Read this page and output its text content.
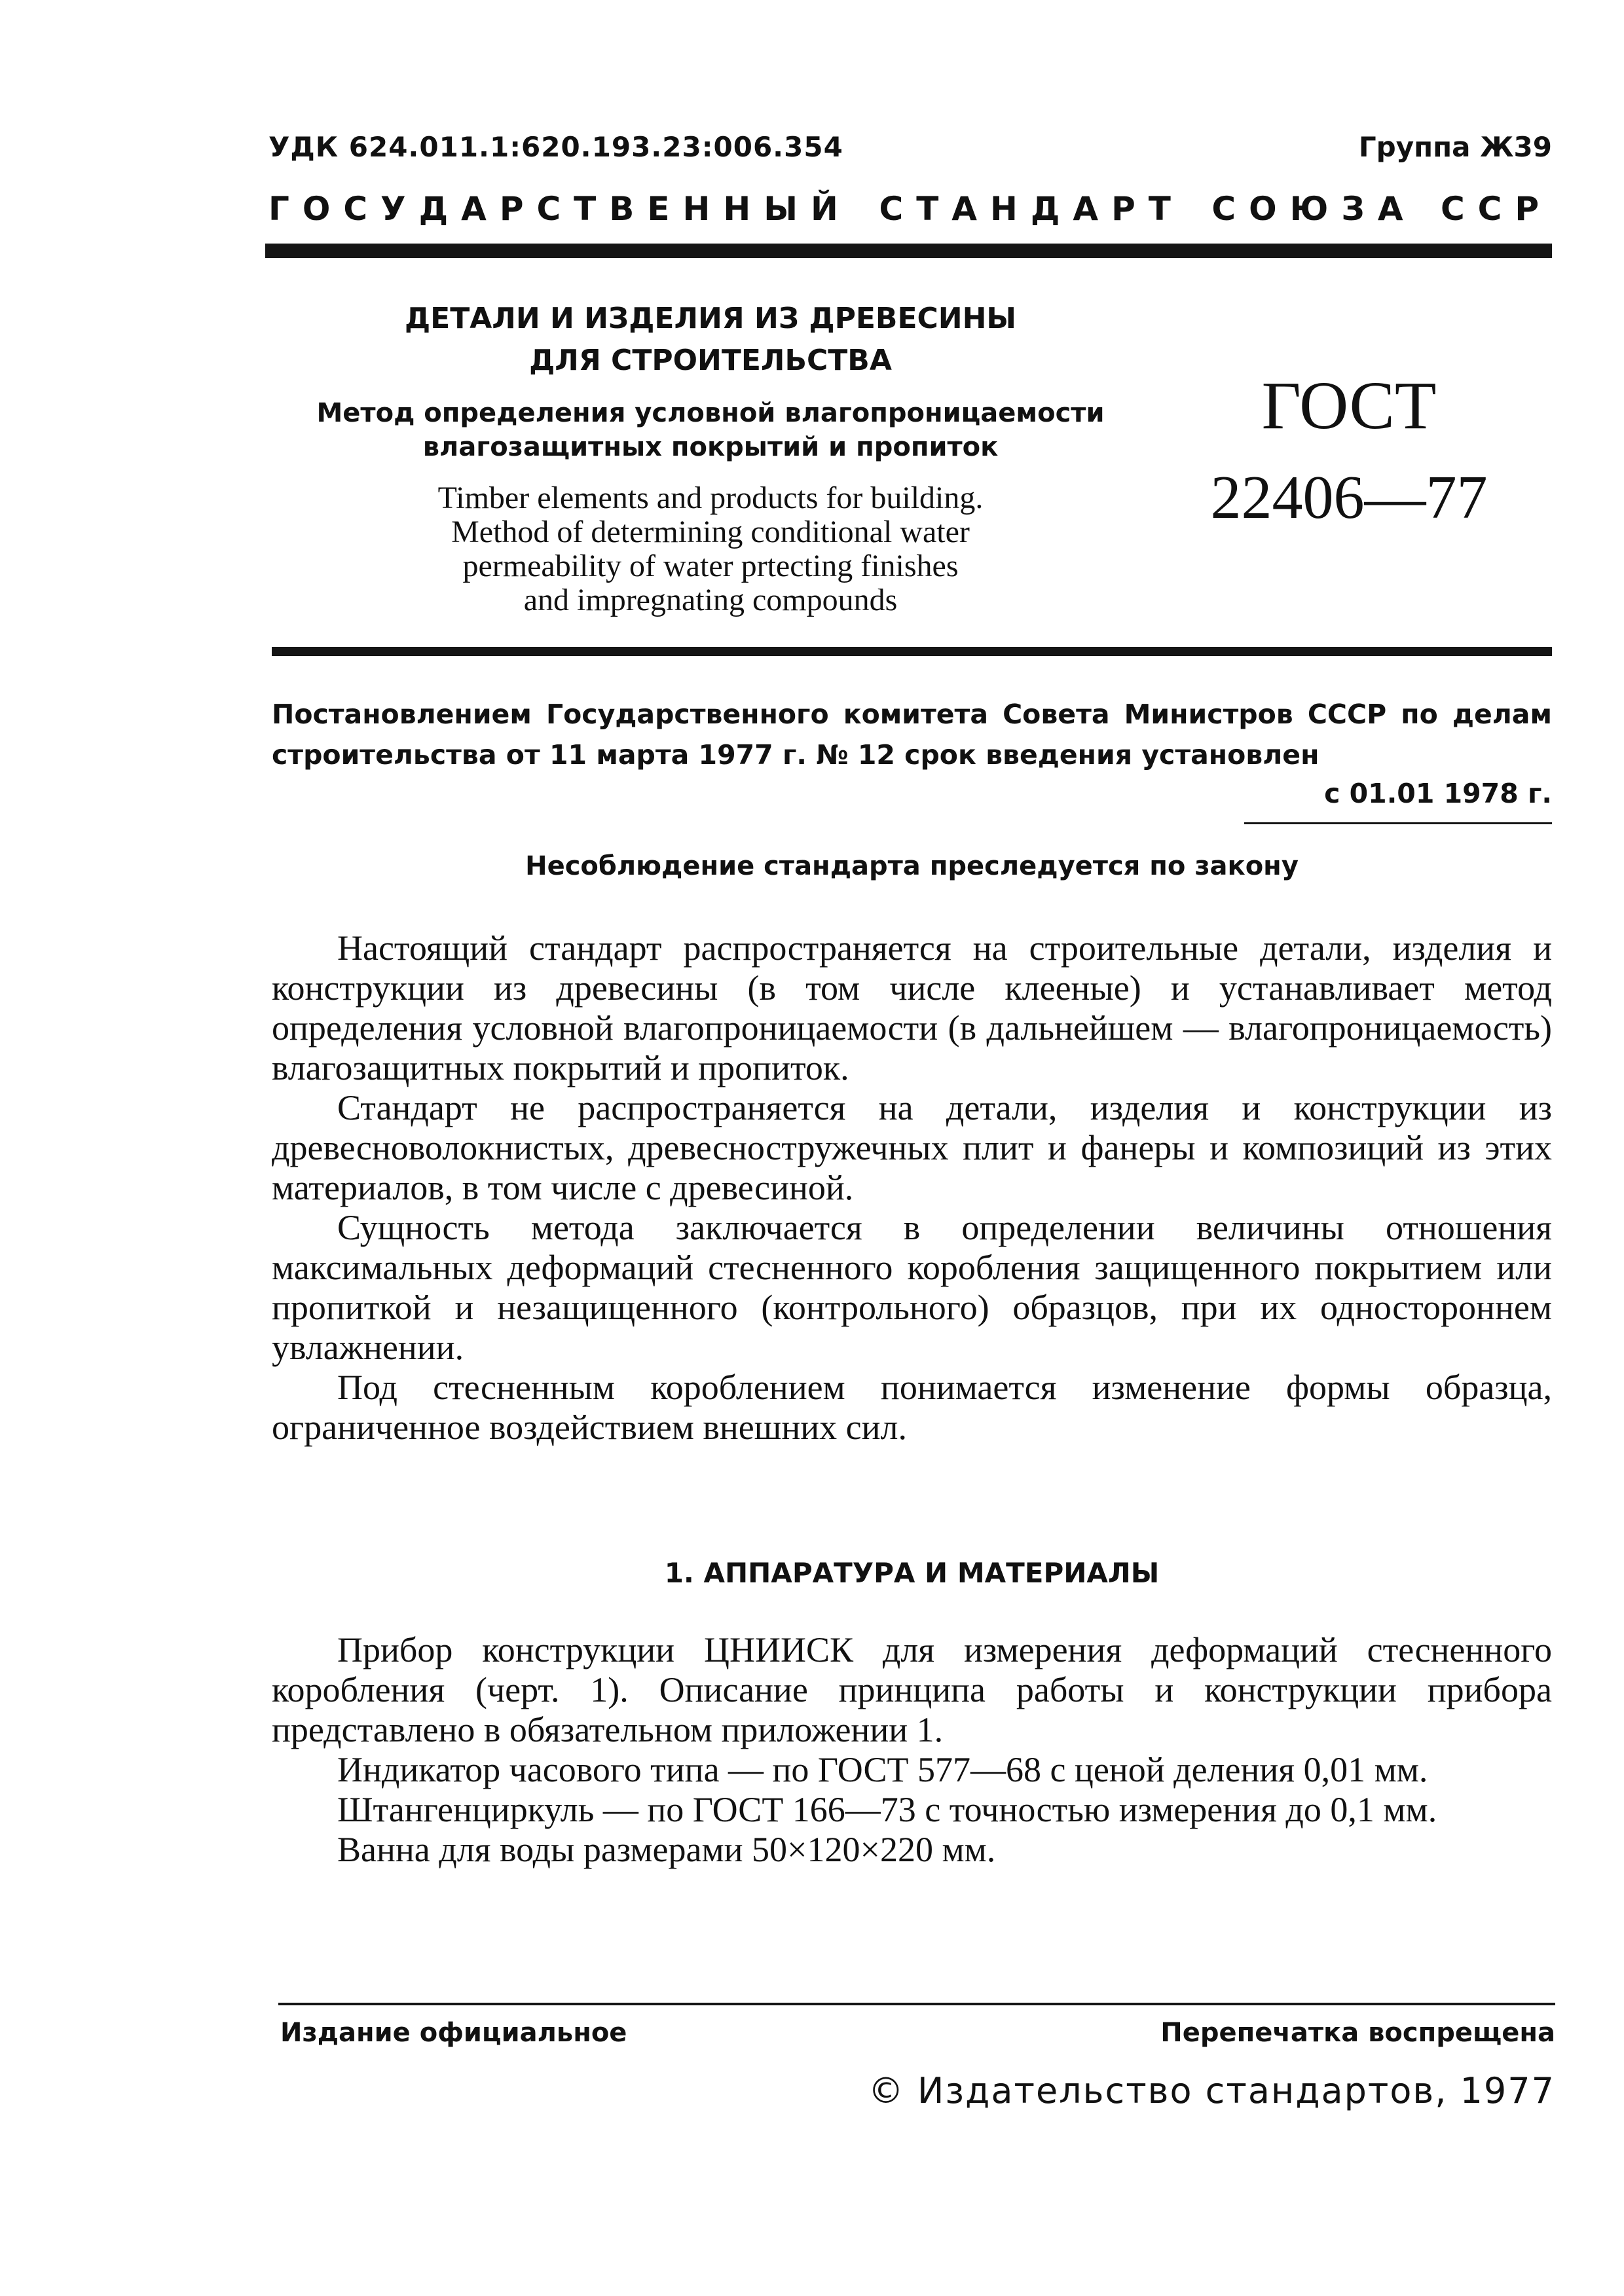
УДК 624.011.1:620.193.23:006.354	Группа Ж39
ГОСУДАРСТВЕННЫЙ СТАНДАРТ СОЮЗА ССР
ДЕТАЛИ И ИЗДЕЛИЯ ИЗ ДРЕВЕСИНЫ
ДЛЯ СТРОИТЕЛЬСТВА
Метод определения условной влагопроницаемости
влагозащитных покрытий и пропиток
Timber elements and products for building.
Method of determining conditional water
permeability of water prtecting finishes
and impregnating compounds
ГОСТ
22406—77
Постановлением Государственного комитета Совета Министров СССР по делам строительства от 11 марта 1977 г. № 12 срок введения установлен
с 01.01 1978 г.
Несоблюдение стандарта преследуется по закону

Настоящий стандарт распространяется на строительные детали, изделия и конструкции из древесины (в том числе клееные) и устанавливает метод определения условной влагопроницаемости (в дальнейшем — влагопроницаемость) влагозащитных покрытий и пропиток.

Стандарт не распространяется на детали, изделия и конструкции из древесноволокнистых, древесностружечных плит и фанеры и композиций из этих материалов, в том числе с древесиной.

Сущность метода заключается в определении величины отношения максимальных деформаций стесненного коробления защищенного покрытием или пропиткой и незащищенного (контрольного) образцов, при их одностороннем увлажнении.

Под стесненным короблением понимается изменение формы образца, ограниченное воздействием внешних сил.

1. АППАРАТУРА И МАТЕРИАЛЫ

Прибор конструкции ЦНИИСК для измерения деформаций стесненного коробления (черт. 1). Описание принципа работы и конструкции прибора представлено в обязательном приложении 1.

Индикатор часового типа — по ГОСТ 577—68 с ценой деления 0,01 мм.

Штангенциркуль — по ГОСТ 166—73 с точностью измерения до 0,1 мм.

Ванна для воды размерами 50×120×220 мм.

Издание официальное	Перепечатка воспрещена
© Издательство стандартов, 1977
